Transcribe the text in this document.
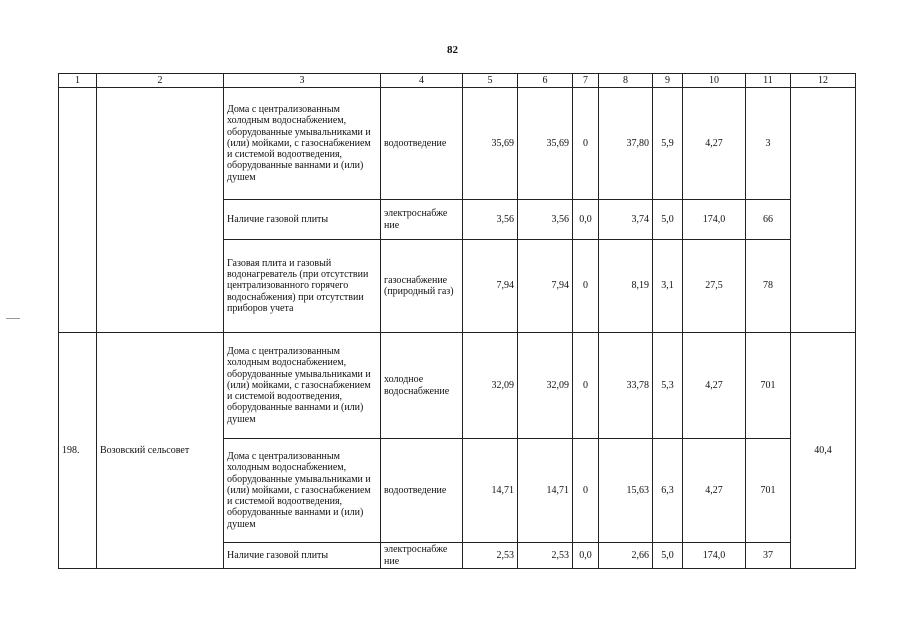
82
1	2	3	4	5	6	7	8	9	10	11	12
		Дома с централизованным холодным водоснабжением, оборудованные умывальниками и (или) мойками, с газоснабжением и системой водоотведения, оборудованные ваннами и (или) душем	водоотведение	35,69	35,69	0	37,80	5,9	4,27	3	
		Наличие газовой плиты	электроснабже ние	3,56	3,56	0,0	3,74	5,0	174,0	66	
		Газовая плита и газовый водонагреватель (при отсутствии централизованного горячего водоснабжения) при отсутствии приборов учета	газоснабжение (природный газ)	7,94	7,94	0	8,19	3,1	27,5	78	
198.	Возовский сельсовет	Дома с централизованным холодным водоснабжением, оборудованные умывальниками и (или) мойками, с газоснабжением и системой водоотведения, оборудованные ваннами и (или) душем	холодное водоснабжение	32,09	32,09	0	33,78	5,3	4,27	701	40,4
		Дома с централизованным холодным водоснабжением, оборудованные умывальниками и (или) мойками, с газоснабжением и системой водоотведения, оборудованные ваннами и (или) душем	водоотведение	14,71	14,71	0	15,63	6,3	4,27	701	
		Наличие газовой плиты	электроснабже ние	2,53	2,53	0,0	2,66	5,0	174,0	37	
